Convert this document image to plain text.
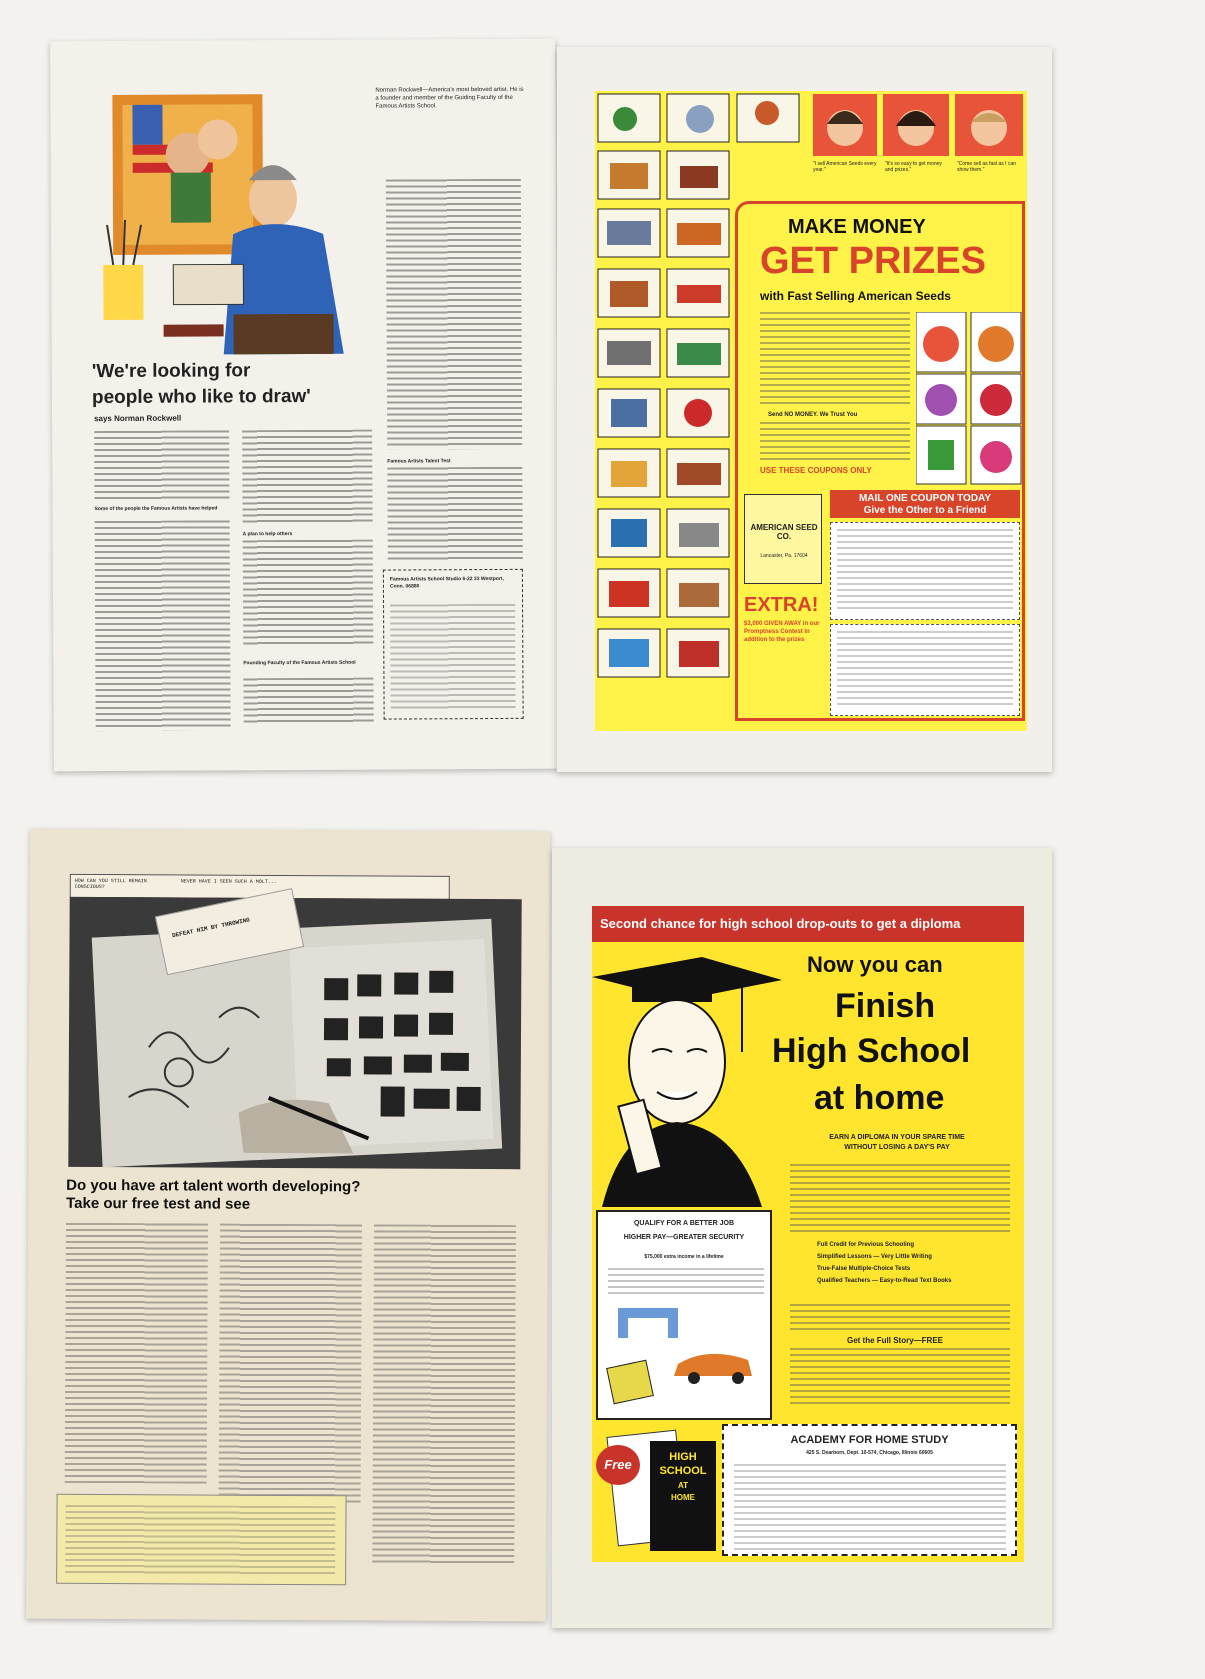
Norman Rockwell—America's most beloved artist. He is a founder and member of the Guiding Faculty of the Famous Artists School.
'We're looking for
people who like to draw'
says Norman Rockwell
Some of the people the Famous Artists have helped
A plan to help others
Founding Faculty of the Famous Artists School
Famous Artists Talent Test
Famous Artists School Studio 6-22 33 Westport, Conn. 06880
"I sell American Seeds every year."
"It's so easy to get money and prizes."
"Come sell as fast as I can show them."
MAKE MONEY
GET PRIZES
with Fast Selling American Seeds
Send NO MONEY. We Trust You
USE THESE COUPONS ONLY
AMERICAN SEED CO.
Lancaster, Pa. 17604
MAIL ONE COUPON TODAY
Give the Other to a Friend
EXTRA!
$3,000 GIVEN AWAY in our Promptness Contest in addition to the prizes
HOW CAN YOU STILL REMAIN CONSCIOUS?
NEVER HAVE I SEEN SUCH A MOLT...
DEFEAT HIM BY THROWING
Do you have art talent worth developing?
Take our free test and see
Second chance for high school drop-outs to get a diploma
Now you can
Finish
High School
at home
EARN A DIPLOMA IN YOUR SPARE TIME
WITHOUT LOSING A DAY'S PAY
Full Credit for Previous Schooling
Simplified Lessons — Very Little Writing
True-False Multiple-Choice Tests
Qualified Teachers — Easy-to-Read Text Books
Get the Full Story—FREE
QUALIFY FOR A BETTER JOB
HIGHER PAY—GREATER SECURITY
$75,000 extra income in a lifetime
ACADEMY FOR HOME STUDY
425 S. Dearborn, Dept. 10-574, Chicago, Illinois 60605
HIGH
SCHOOL
AT
HOME
Free
